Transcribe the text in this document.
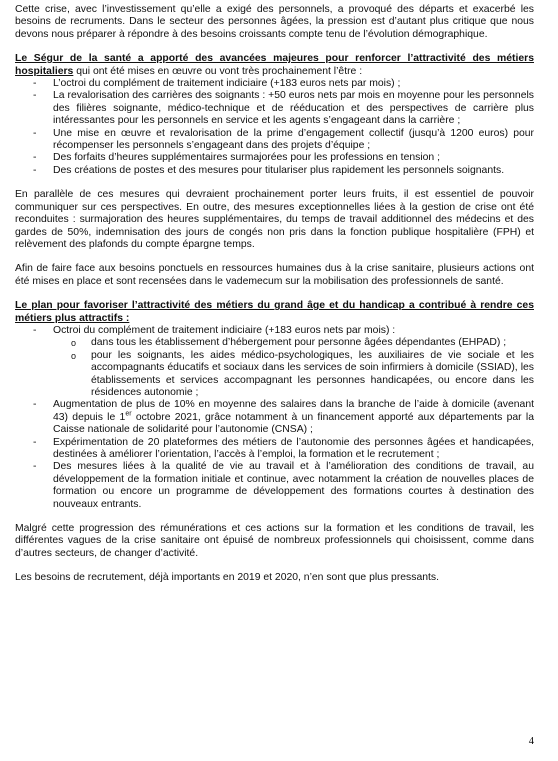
Cette crise, avec l’investissement qu’elle a exigé des personnels, a provoqué des départs et exacerbé les besoins de recruments. Dans le secteur des personnes âgées, la pression est d’autant plus critique que nous devons nous préparer à répondre à des besoins croissants compte tenu de l’évolution démographique.

Le Ségur de la santé a apporté des avancées majeures pour renforcer l’attractivité des métiers hospitaliers qui ont été mises en œuvre ou vont très prochainement l’être :

- L’octroi du complément de traitement indiciaire (+183 euros nets par mois) ;
- La revalorisation des carrières des soignants : +50 euros nets par mois en moyenne pour les personnels des filières soignante, médico-technique et de rééducation et des perspectives de carrière plus intéressantes pour les personnels en service et les agents s’engageant dans la carrière ;
- Une mise en œuvre et revalorisation de la prime d’engagement collectif (jusqu’à 1200 euros) pour récompenser les personnels s’engageant dans des projets d’équipe ;
- Des forfaits d’heures supplémentaires surmajorées pour les professions en tension ;
- Des créations de postes et des mesures pour titulariser plus rapidement les personnels soignants.

En parallèle de ces mesures qui devraient prochainement porter leurs fruits, il est essentiel de pouvoir communiquer sur ces perspectives. En outre, des mesures exceptionnelles liées à la gestion de crise ont été reconduites : surmajoration des heures supplémentaires, du temps de travail additionnel des médecins et des gardes de 50%, indemnisation des jours de congés non pris dans la fonction publique hospitalière (FPH) et relèvement des plafonds du compte épargne temps.

Afin de faire face aux besoins ponctuels en ressources humaines dus à la crise sanitaire, plusieurs actions ont été mises en place et sont recensées dans le vademecum sur la mobilisation des professionnels de santé.

Le plan pour favoriser l’attractivité des métiers du grand âge et du handicap a contribué à rendre ces métiers plus attractifs :

- Octroi du complément de traitement indiciaire (+183 euros nets par mois) :
o dans tous les établissement d’hébergement pour personne âgées dépendantes (EHPAD) ;
o pour les soignants, les aides médico-psychologiques, les auxiliaires de vie sociale et les accompagnants éducatifs et sociaux dans les services de soin infirmiers à domicile (SSIAD), les établissements et services accompagnant les personnes handicapées, ou encore dans les résidences autonomie ;
- Augmentation de plus de 10% en moyenne des salaires dans la branche de l’aide à domicile (avenant 43) depuis le 1er octobre 2021, grâce notamment à un financement apporté aux départements par la Caisse nationale de solidarité pour l’autonomie (CNSA) ;
- Expérimentation de 20 plateformes des métiers de l’autonomie des personnes âgées et handicapées, destinées à améliorer l’orientation, l’accès à l’emploi, la formation et le recrutement ;
- Des mesures liées à la qualité de vie au travail et à l’amélioration des conditions de travail, au développement de la formation initiale et continue, avec notamment la création de nouvelles places de formation ou encore un programme de développement des formations courtes à destination des nouveaux entrants.

Malgré cette progression des rémunérations et ces actions sur la formation et les conditions de travail, les différentes vagues de la crise sanitaire ont épuisé de nombreux professionnels qui choisissent, comme dans d’autres secteurs, de changer d’activité.

Les besoins de recrutement, déjà importants en 2019 et 2020, n’en sont que plus pressants.

4
